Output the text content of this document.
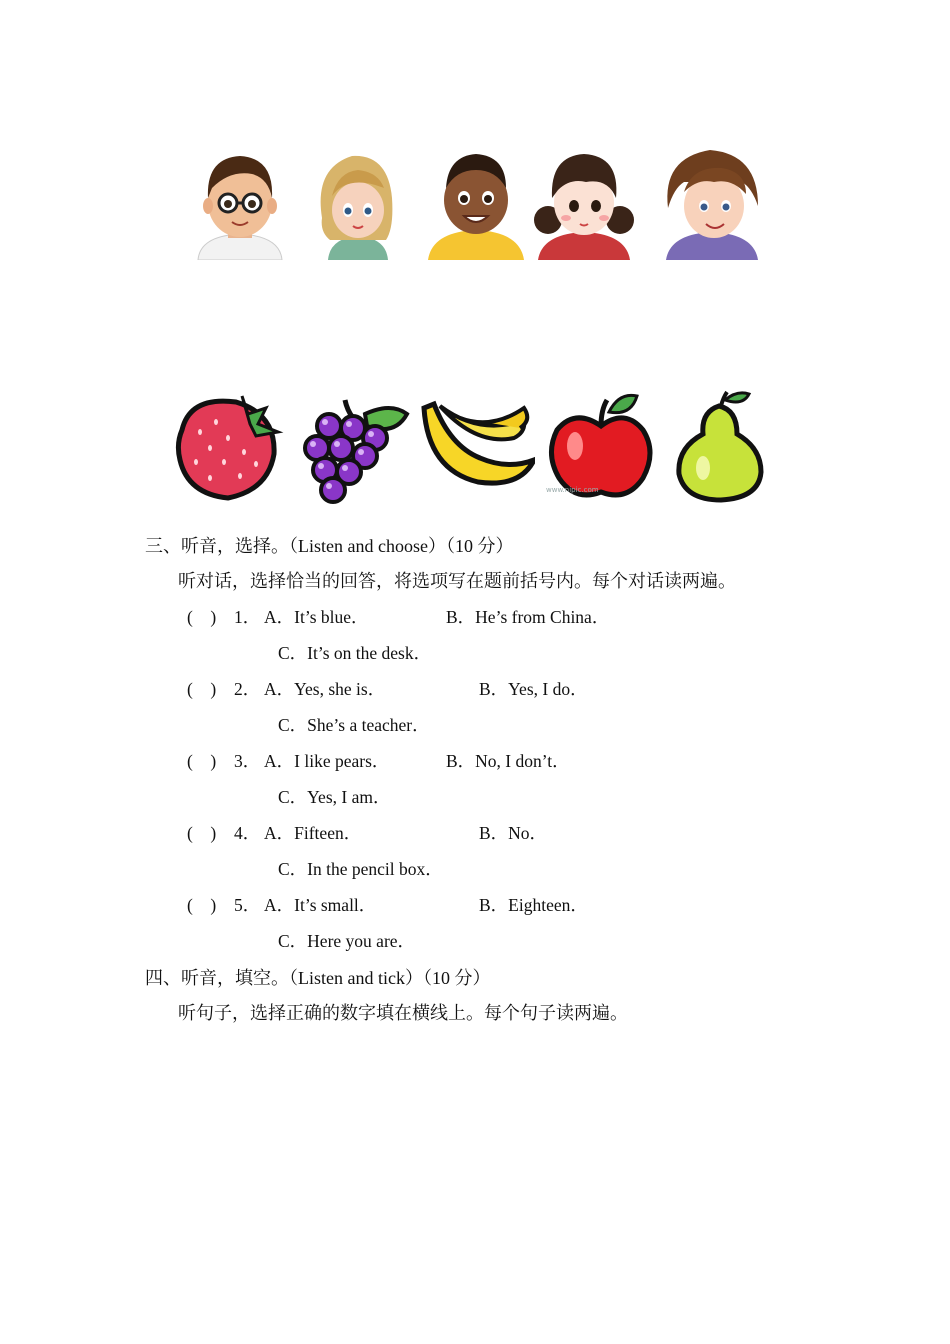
www.nipic.com
三、听音，选择。（Listen and choose）（10 分）
听对话，选择恰当的回答，将选项写在题前括号内。每个对话读两遍。
(　) 1． A．It’s blue．	B．He’s from China．
C．It’s on the desk．
(　) 2． A．Yes, she is．	B．Yes, I do．
C．She’s a teacher．
(　) 3． A．I like pears．	B．No, I don’t．
C．Yes, I am．
(　) 4． A．Fifteen．	B．No．
C．In the pencil box．
(　) 5． A．It’s small．	B．Eighteen．
C．Here you are．
四、听音，填空。（Listen and tick）（10 分）
听句子，选择正确的数字填在横线上。每个句子读两遍。
